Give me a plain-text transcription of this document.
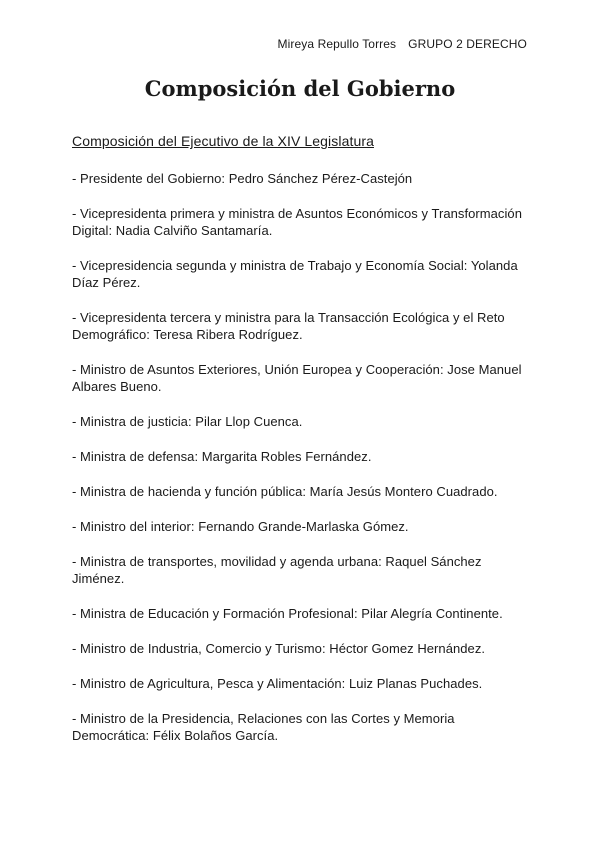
Mireya Repullo Torres GRUPO 2 DERECHO
Composición del Gobierno
Composición del Ejecutivo de la XIV Legislatura

- Presidente del Gobierno: Pedro Sánchez Pérez-Castejón

- Vicepresidenta primera y ministra de Asuntos Económicos y Transformación Digital: Nadia Calviño Santamaría.

- Vicepresidencia segunda y ministra de Trabajo y Economía Social: Yolanda Díaz Pérez.

- Vicepresidenta tercera y ministra para la Transacción Ecológica y el Reto Demográfico: Teresa Ribera Rodríguez.

- Ministro de Asuntos Exteriores, Unión Europea y Cooperación: Jose Manuel Albares Bueno.

- Ministra de justicia: Pilar Llop Cuenca.

- Ministra de defensa: Margarita Robles Fernández.

- Ministra de hacienda y función pública: María Jesús Montero Cuadrado.

- Ministro del interior: Fernando Grande-Marlaska Gómez.

- Ministra de transportes, movilidad y agenda urbana: Raquel Sánchez Jiménez.

- Ministra de Educación y Formación Profesional: Pilar Alegría Continente.

- Ministro de Industria, Comercio y Turismo: Héctor Gomez Hernández.

- Ministro de Agricultura, Pesca y Alimentación: Luiz Planas Puchades.

- Ministro de la Presidencia, Relaciones con las Cortes y Memoria Democrática: Félix Bolaños García.
